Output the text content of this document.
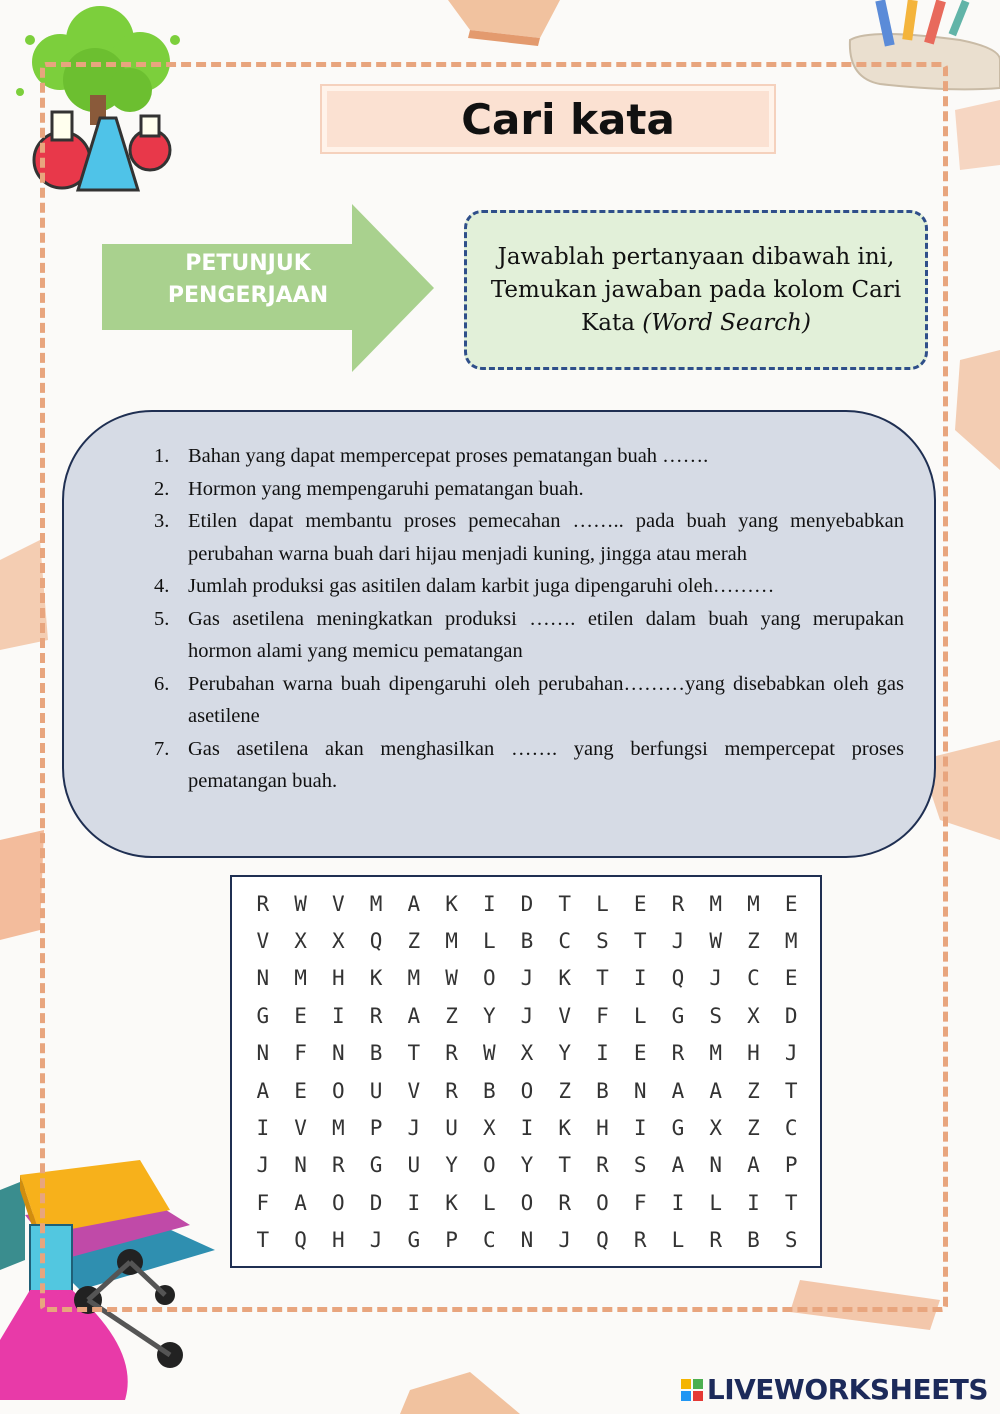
Cari kata
PETUNJUK
PENGERJAAN
Jawablah pertanyaan dibawah ini, Temukan jawaban pada kolom Cari Kata (Word Search)
1. Bahan yang dapat mempercepat proses pematangan buah …….
2. Hormon yang mempengaruhi pematangan buah.
3. Etilen dapat membantu proses pemecahan …….. pada buah yang menyebabkan perubahan warna buah dari hijau menjadi kuning, jingga atau merah
4. Jumlah produksi gas asitilen dalam karbit juga dipengaruhi oleh………
5. Gas asetilena meningkatkan produksi ……. etilen dalam buah yang merupakan hormon alami yang memicu pematangan
6. Perubahan warna buah dipengaruhi oleh perubahan………yang disebabkan oleh gas asetilene
7. Gas asetilena akan menghasilkan ……. yang berfungsi mempercepat proses pematangan buah.
R	W	V	M	A	K	I	D	T	L	E	R	M	M	E
V	X	X	Q	Z	M	L	B	C	S	T	J	W	Z	M
N	M	H	K	M	W	O	J	K	T	I	Q	J	C	E
G	E	I	R	A	Z	Y	J	V	F	L	G	S	X	D
N	F	N	B	T	R	W	X	Y	I	E	R	M	H	J
A	E	O	U	V	R	B	O	Z	B	N	A	A	Z	T
I	V	M	P	J	U	X	I	K	H	I	G	X	Z	C
J	N	R	G	U	Y	O	Y	T	R	S	A	N	A	P
F	A	O	D	I	K	L	O	R	O	F	I	L	I	T
T	Q	H	J	G	P	C	N	J	Q	R	L	R	B	S
LIVEWORKSHEETS
